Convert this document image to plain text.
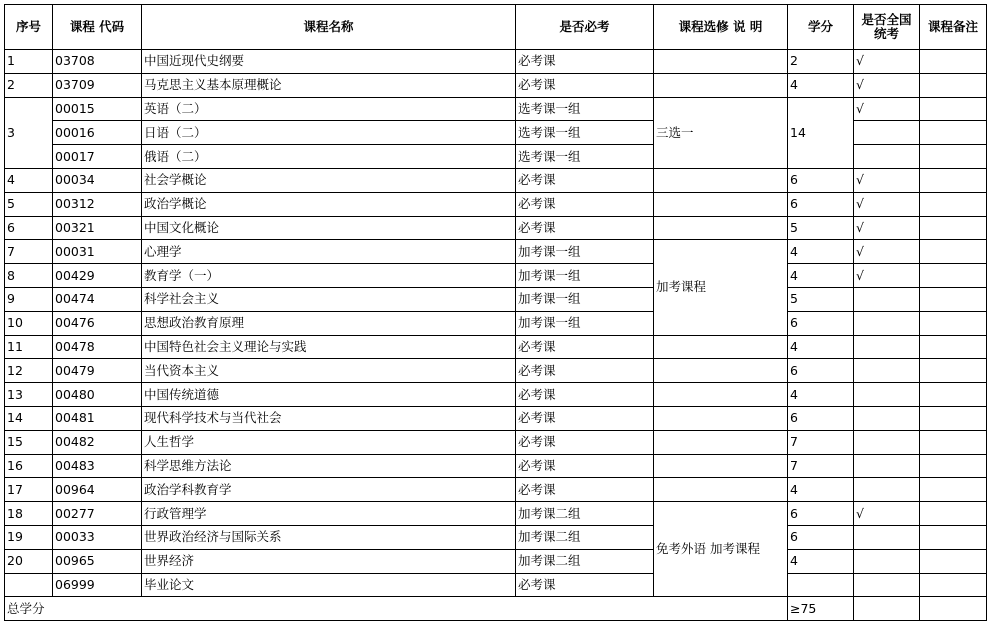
序号	课程 代码	课程名称	是否必考	课程选修 说 明	学分	是否全国统考	课程备注
1	03708	中国近现代史纲要	必考课		2	√	
2	03709	马克思主义基本原理概论	必考课		4	√	
3	00015	英语（二）	选考课一组	三选一	14	√	
	00016	日语（二）	选考课一组				
	00017	俄语（二）	选考课一组				
4	00034	社会学概论	必考课		6	√	
5	00312	政治学概论	必考课		6	√	
6	00321	中国文化概论	必考课		5	√	
7	00031	心理学	加考课一组	加考课程	4	√	
8	00429	教育学（一）	加考课一组		4	√	
9	00474	科学社会主义	加考课一组		5		
10	00476	思想政治教育原理	加考课一组		6		
11	00478	中国特色社会主义理论与实践	必考课		4		
12	00479	当代资本主义	必考课		6		
13	00480	中国传统道德	必考课		4		
14	00481	现代科学技术与当代社会	必考课		6		
15	00482	人生哲学	必考课		7		
16	00483	科学思维方法论	必考课		7		
17	00964	政治学科教育学	必考课		4		
18	00277	行政管理学	加考课二组	免考外语 加考课程	6	√	
19	00033	世界政治经济与国际关系	加考课二组		6		
20	00965	世界经济	加考课二组		4		
	06999	毕业论文	必考课				
总学分					≥75		
